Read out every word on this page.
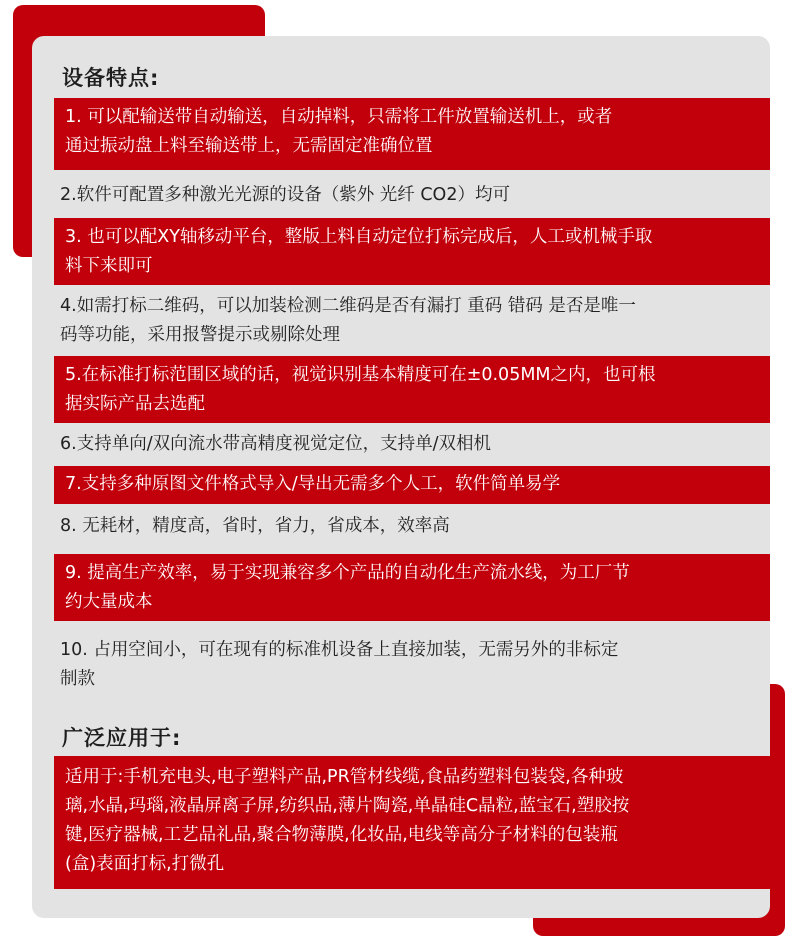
设备特点:
1. 可以配输送带自动输送，自动掉料，只需将工件放置输送机上，或者
通过振动盘上料至输送带上，无需固定准确位置
2.软件可配置多种激光光源的设备（紫外 光纤 CO2）均可
3. 也可以配XY轴移动平台，整版上料自动定位打标完成后，人工或机械手取
料下来即可
4.如需打标二维码，可以加装检测二维码是否有漏打 重码 错码 是否是唯一
码等功能，采用报警提示或剔除处理
5.在标准打标范围区域的话，视觉识别基本精度可在±0.05MM之内，也可根
据实际产品去选配
6.支持单向/双向流水带高精度视觉定位，支持单/双相机
7.支持多种原图文件格式导入/导出无需多个人工，软件简单易学
8. 无耗材，精度高，省时，省力，省成本，效率高
9. 提高生产效率，易于实现兼容多个产品的自动化生产流水线，为工厂节
约大量成本
10. 占用空间小，可在现有的标准机设备上直接加装，无需另外的非标定
制款
广泛应用于:
适用于:手机充电头,电子塑料产品,PR管材线缆,食品药塑料包装袋,各种玻
璃,水晶,玛瑙,液晶屏离子屏,纺织品,薄片陶瓷,单晶硅C晶粒,蓝宝石,塑胶按
键,医疗器械,工艺品礼品,聚合物薄膜,化妆品,电线等高分子材料的包装瓶
(盒)表面打标,打微孔
